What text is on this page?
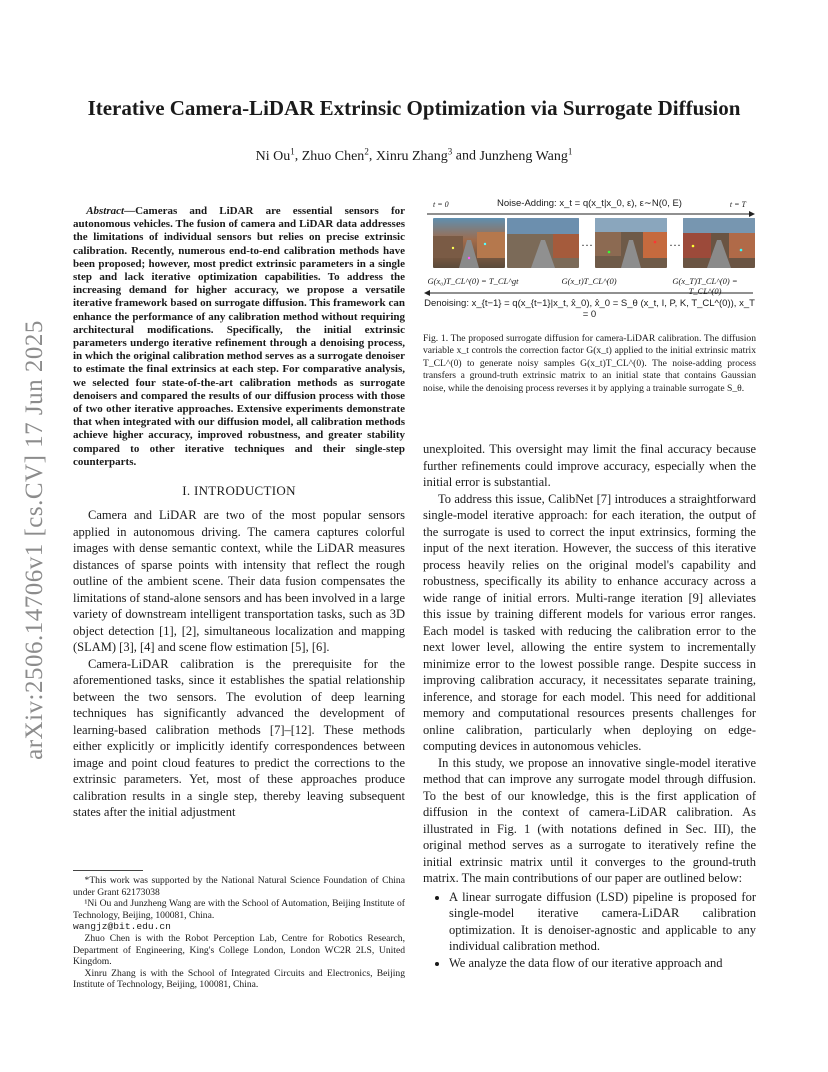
arXiv:2506.14706v1 [cs.CV] 17 Jun 2025
Iterative Camera-LiDAR Extrinsic Optimization via Surrogate Diffusion
Ni Ou$^1$, Zhuo Chen$^2$, Xinru Zhang$^3$ and Junzheng Wang$^1$

Abstract—Cameras and LiDAR are essential sensors for autonomous vehicles. The fusion of camera and LiDAR data addresses the limitations of individual sensors but relies on precise extrinsic calibration. Recently, numerous end-to-end calibration methods have been proposed; however, most predict extrinsic parameters in a single step and lack iterative optimization capabilities. To address the increasing demand for higher accuracy, we propose a versatile iterative framework based on surrogate diffusion. This framework can enhance the performance of any calibration method without requiring architectural modifications. Specifically, the initial extrinsic parameters undergo iterative refinement through a denoising process, in which the original calibration method serves as a surrogate denoiser to estimate the final extrinsics at each step. For comparative analysis, we selected four state-of-the-art calibration methods as surrogate denoisers and compared the results of our diffusion process with those of two other iterative approaches. Extensive experiments demonstrate that when integrated with our diffusion model, all calibration methods achieve higher accuracy, improved robustness, and greater stability compared to other iterative techniques and their single-step counterparts.

I. INTRODUCTION

Camera and LiDAR are two of the most popular sensors applied in autonomous driving. The camera captures colorful images with dense semantic context, while the LiDAR measures distances of sparse points with intensity that reflect the rough outline of the ambient scene. Their data fusion compensates the limitations of stand-alone sensors and has been involved in a large variety of downstream intelligent transportation tasks, such as 3D object detection [1], [2], simultaneous localization and mapping (SLAM) [3], [4] and scene flow estimation [5], [6].

Camera-LiDAR calibration is the prerequisite for the aforementioned tasks, since it establishes the spatial relationship between the two sensors. The evolution of deep learning techniques has significantly advanced the development of learning-based calibration methods [7]–[12]. These methods either explicitly or implicitly identify correspondences between image and point cloud features to predict the corrections to the extrinsic parameters. Yet, most of these approaches produce calibration results in a single step, thereby leaving subsequent states after the initial adjustment

*This work was supported by the National Natural Science Foundation of China under Grant 62173038

¹Ni Ou and Junzheng Wang are with the School of Automation, Beijing Institute of Technology, Beijing, 100081, China.

wangjz@bit.edu.cn

Zhuo Chen is with the Robot Perception Lab, Centre for Robotics Research, Department of Engineering, King's College London, London WC2R 2LS, United Kingdom.

Xinru Zhang is with the School of Integrated Circuits and Electronics, Beijing Institute of Technology, Beijing, 100081, China.

t = 0	t = T
Noise-Adding: x_t = q(x_t|x_0, ε), ε∼N(0, E)
···	···
G(x₀)T_CL^(0) = T_CL^gt	G(x_t)T_CL^(0)	G(x_T)T_CL^(0) = T_CL^(0)
Denoising: x_{t−1} = q(x_{t−1}|x_t, x̂_0), x̂_0 = S_θ (x_t, I, P, K, T_CL^(0)), x_T = 0

Fig. 1. The proposed surrogate diffusion for camera-LiDAR calibration. The diffusion variable x_t controls the correction factor G(x_t) applied to the initial extrinsic matrix T_CL^(0) to generate noisy samples G(x_t)T_CL^(0). The noise-adding process transfers a ground-truth extrinsic matrix to an initial state that contains Gaussian noise, while the denoising process reverses it by applying a trainable surrogate S_θ.

unexploited. This oversight may limit the final accuracy because further refinements could improve accuracy, especially when the initial error is substantial.

To address this issue, CalibNet [7] introduces a straightforward single-model iterative approach: for each iteration, the output of the surrogate is used to correct the input extrinsics, forming the input of the next iteration. However, the success of this iterative process heavily relies on the original model's capability and robustness, specifically its ability to enhance accuracy across a wide range of initial errors. Multi-range iteration [9] alleviates this issue by training different models for various error ranges. Each model is tasked with reducing the calibration error to the next lower level, allowing the entire system to incrementally minimize error to the lowest possible range. Despite success in improving calibration accuracy, it necessitates separate training, inference, and storage for each model. This need for additional memory and computational resources presents challenges for online calibration, particularly when deploying on edge-computing devices in autonomous vehicles.

In this study, we propose an innovative single-model iterative method that can improve any surrogate model through diffusion. To the best of our knowledge, this is the first application of diffusion in the context of camera-LiDAR calibration. As illustrated in Fig. 1 (with notations defined in Sec. III), the original method serves as a surrogate to iteratively refine the initial extrinsic matrix until it converges to the ground-truth matrix. The main contributions of our paper are outlined below:

• A linear surrogate diffusion (LSD) pipeline is proposed for single-model iterative camera-LiDAR calibration optimization. It is denoiser-agnostic and applicable to any individual calibration method.
• We analyze the data flow of our iterative approach and
